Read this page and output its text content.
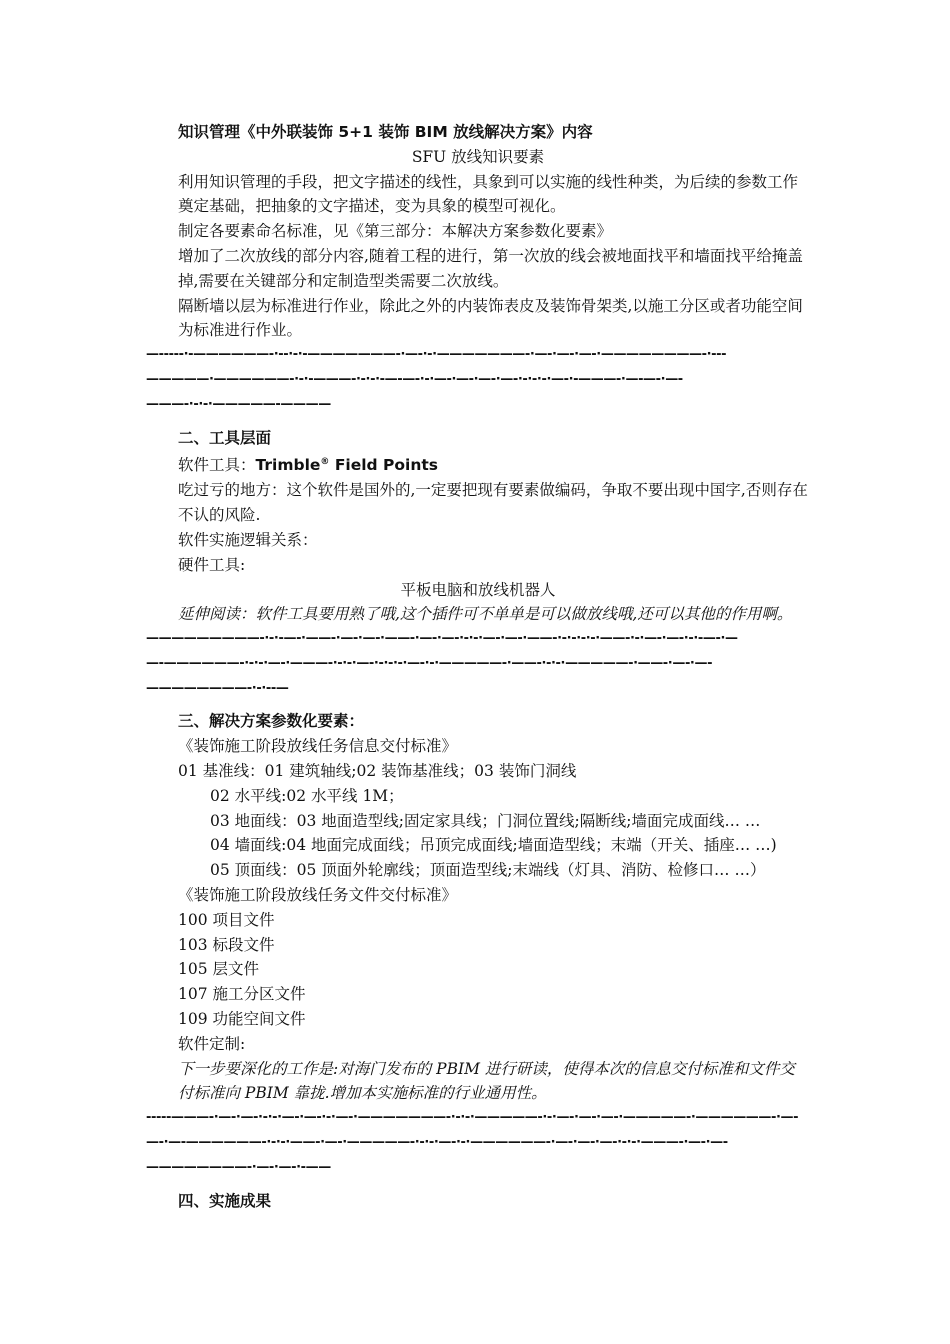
知识管理《中外联装饰 5+1 装饰 BIM 放线解决方案》内容
SFU 放线知识要素
利用知识管理的手段，把文字描述的线性，具象到可以实施的线性种类，为后续的参数工作奠定基础，把抽象的文字描述，变为具象的模型可视化。
制定各要素命名标准，见《第三部分：本解决方案参数化要素》
增加了二次放线的部分内容,随着工程的进行，第一次放的线会被地面找平和墙面找平给掩盖掉,需要在关键部分和定制造型类需要二次放线。
隔断墙以层为标准进行作业，除此之外的内装饰表皮及装饰骨架类,以施工分区或者功能空间为标准进行作业。
—-----·-——————-·--·-·-———————-·—-·-·———————-·—-·—-·—-·————————-·---
—————·——————-·-·-———-·-·-·-—-—-·-·—-·—-·—-·—-·-·-·-·—-·-———-·—-—-·—-
———-·-·-·—————-————
二、工具层面
软件工具：Trimble® Field Points
吃过亏的地方：这个软件是国外的,一定要把现有要素做编码，争取不要出现中国字,否则存在不认的风险.
软件实施逻辑关系：
硬件工具:
平板电脑和放线机器人
延伸阅读：软件工具要用熟了哦,这个插件可不单单是可以做放线哦,还可以其他的作用啊。
—————————-·-·-—-·——-·—-·—-·——-·—-·—-·-·-·—-·—-·——-·-·-·-·-·——-·-·—-·—-·-·-—-·—
—-——————-·-·-·—-·———-·-·-·—-·-·-·-·—-·-·—————-·——-·-·-·—————-·——-·—-·—-
————————-·-·--—
三、解决方案参数化要素：
《装饰施工阶段放线任务信息交付标准》
01 基准线：01 建筑轴线;02 装饰基准线；03 装饰门洞线
02 水平线:02 水平线 1M；
03 地面线：03 地面造型线;固定家具线；门洞位置线;隔断线;墙面完成面线… …
04 墙面线:04 地面完成面线；吊顶完成面线;墙面造型线；末端（开关、插座… …)
05 顶面线：05 顶面外轮廓线；顶面造型线;末端线（灯具、消防、检修口… …）
《装饰施工阶段放线任务文件交付标准》
100 项目文件
103 标段文件
105 层文件
107 施工分区文件
109 功能空间文件
软件定制:
下一步要深化的工作是:对海门发布的 PBIM 进行研读，使得本次的信息交付标准和文件交付标准向 PBIM 靠拢.增加本实施标准的行业通用性。
-----———-·—-·—-·-·-·—-·—-·-·—-·———————-·-·-·—————-·-·—-·—-·—-·—————-·——————-·—-
—-·—-——————-·-·-·——-·—-·—————-·-·-·—-·-·——————-·—-·—-·—-·-·-·———-·—-·—-
————————-·—-·—-·-——
四、实施成果
